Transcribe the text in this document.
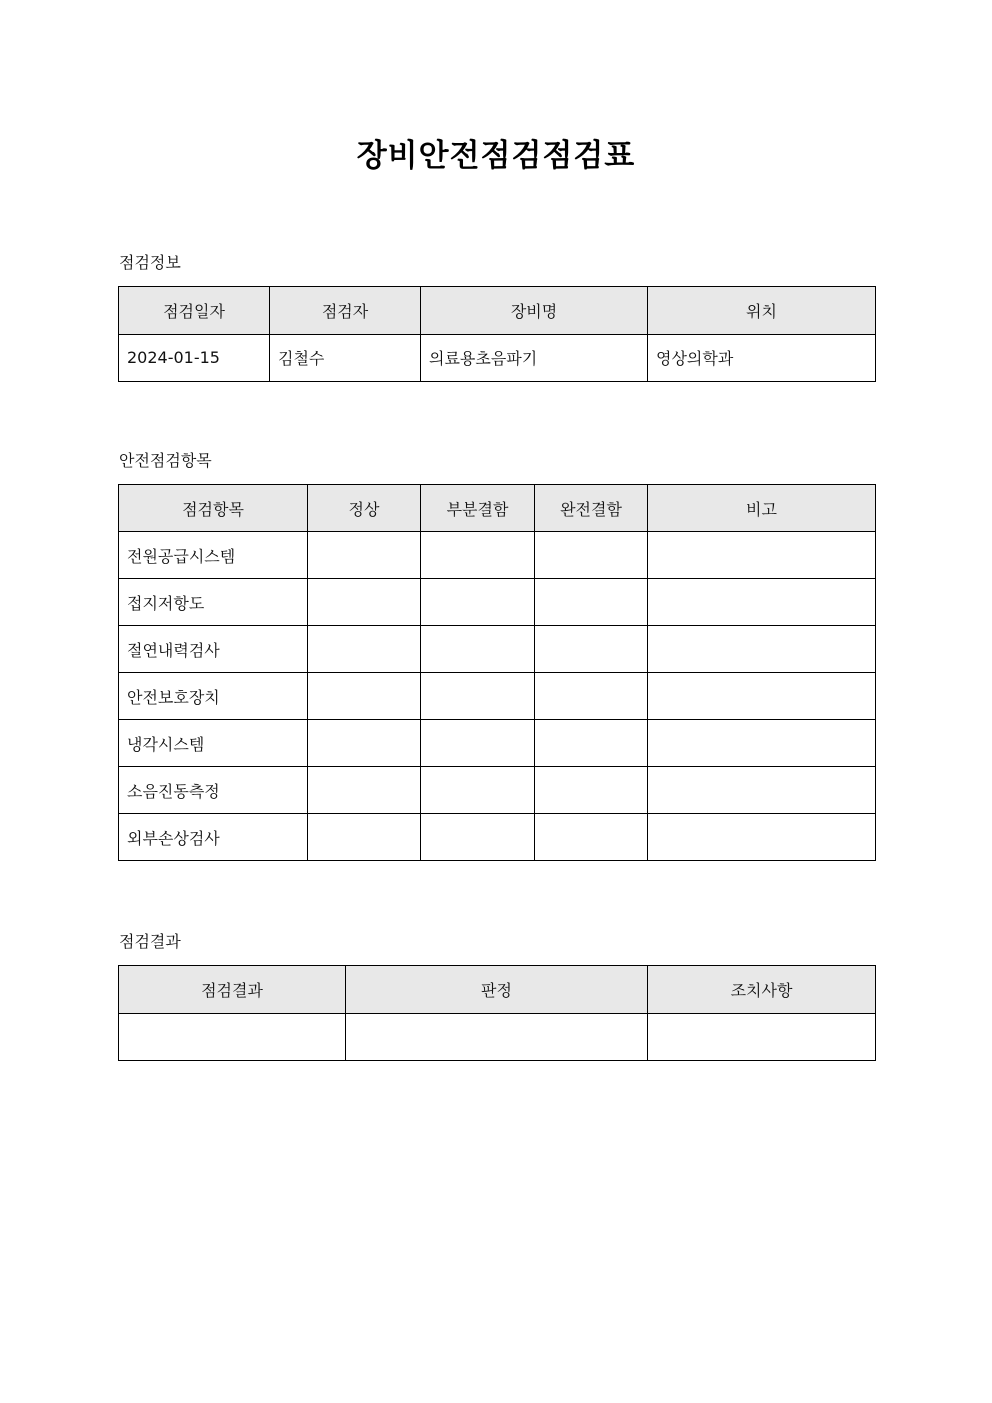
장비안전점검점검표
점검정보
점검일자	점검자	장비명	위치
2024-01-15	김철수	의료용초음파기	영상의학과
안전점검항목
점검항목	정상	부분결함	완전결함	비고
전원공급시스템				
접지저항도				
절연내력검사				
안전보호장치				
냉각시스템				
소음진동측정				
외부손상검사				
점검결과
점검결과	판정	조치사항
